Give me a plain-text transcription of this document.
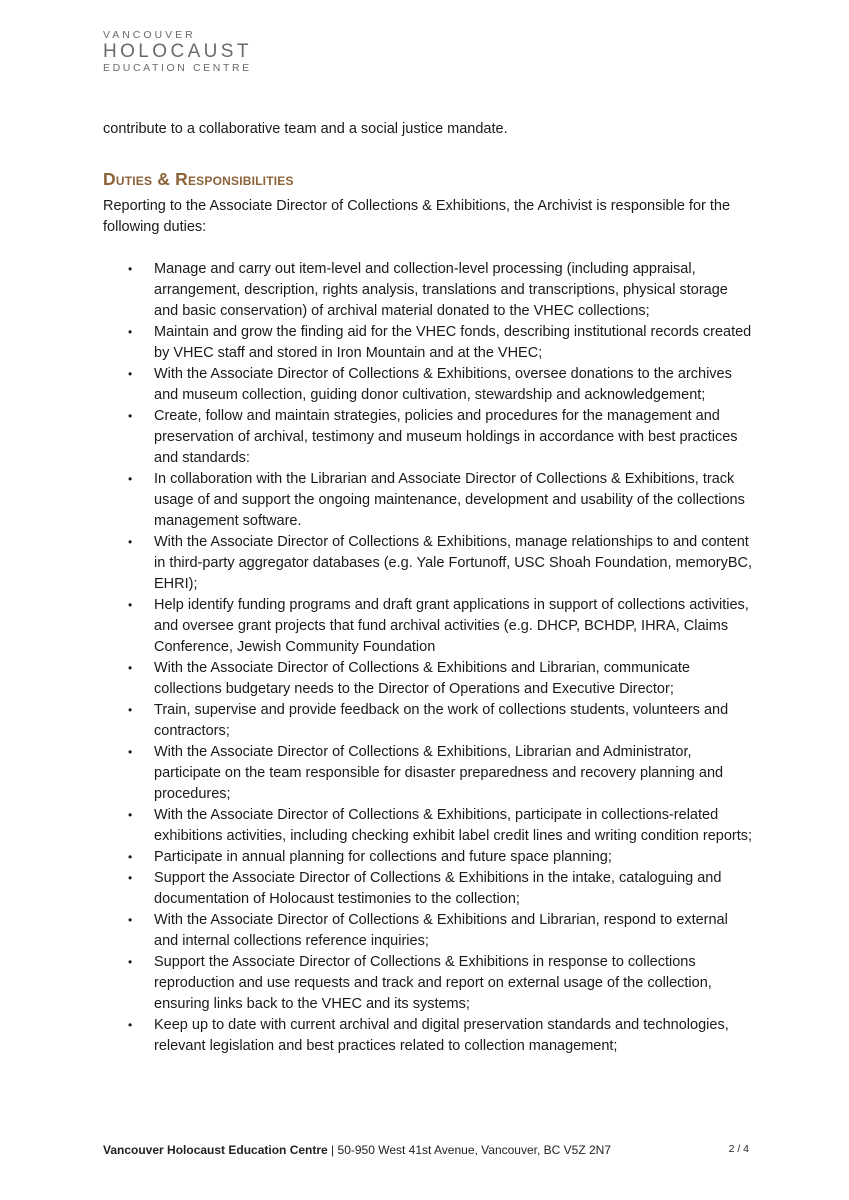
VANCOUVER
HOLOCAUST
EDUCATION CENTRE
contribute to a collaborative team and a social justice mandate.
Duties & Responsibilities
Reporting to the Associate Director of Collections & Exhibitions, the Archivist is responsible for the following duties:
• Manage and carry out item-level and collection-level processing (including appraisal, arrangement, description, rights analysis, translations and transcriptions, physical storage and basic conservation) of archival material donated to the VHEC collections;
• Maintain and grow the finding aid for the VHEC fonds, describing institutional records created by VHEC staff and stored in Iron Mountain and at the VHEC;
• With the Associate Director of Collections & Exhibitions, oversee donations to the archives and museum collection, guiding donor cultivation, stewardship and acknowledgement;
• Create, follow and maintain strategies, policies and procedures for the management and preservation of archival, testimony and museum holdings in accordance with best practices and standards:
• In collaboration with the Librarian and Associate Director of Collections & Exhibitions, track usage of and support the ongoing maintenance, development and usability of the collections management software.
• With the Associate Director of Collections & Exhibitions, manage relationships to and content in third-party aggregator databases (e.g. Yale Fortunoff, USC Shoah Foundation, memoryBC, EHRI);
• Help identify funding programs and draft grant applications in support of collections activities, and oversee grant projects that fund archival activities (e.g. DHCP, BCHDP, IHRA, Claims Conference, Jewish Community Foundation
• With the Associate Director of Collections & Exhibitions and Librarian, communicate collections budgetary needs to the Director of Operations and Executive Director;
• Train, supervise and provide feedback on the work of collections students, volunteers and contractors;
• With the Associate Director of Collections & Exhibitions, Librarian and Administrator, participate on the team responsible for disaster preparedness and recovery planning and procedures;
• With the Associate Director of Collections & Exhibitions, participate in collections-related exhibitions activities, including checking exhibit label credit lines and writing condition reports;
• Participate in annual planning for collections and future space planning;
• Support the Associate Director of Collections & Exhibitions in the intake, cataloguing and documentation of Holocaust testimonies to the collection;
• With the Associate Director of Collections & Exhibitions and Librarian, respond to external and internal collections reference inquiries;
• Support the Associate Director of Collections & Exhibitions in response to collections reproduction and use requests and track and report on external usage of the collection, ensuring links back to the VHEC and its systems;
• Keep up to date with current archival and digital preservation standards and technologies, relevant legislation and best practices related to collection management;
Vancouver Holocaust Education Centre | 50-950 West 41st Avenue, Vancouver, BC V5Z 2N7	2 / 4
